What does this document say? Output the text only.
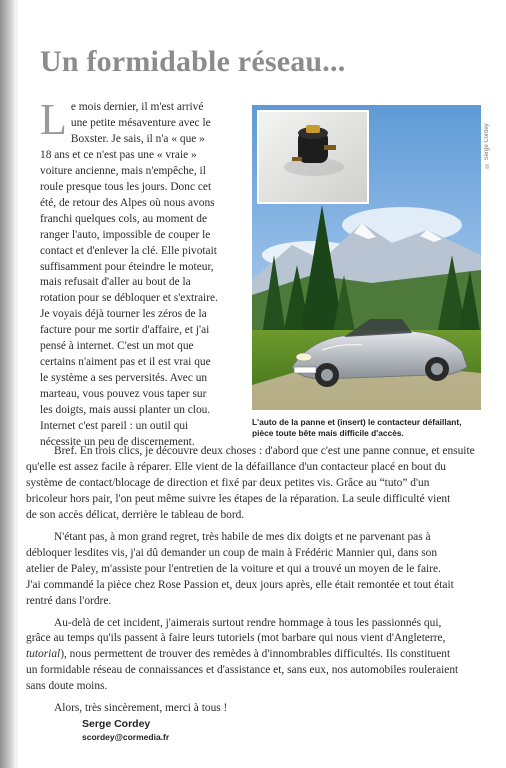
Un formidable réseau...
L e mois dernier, il m'est arrivé
une petite mésaventure avec le
Boxster. Je sais, il n'a « que »
18 ans et ce n'est pas une « vraie »
voiture ancienne, mais n'empêche, il
roule presque tous les jours. Donc cet
été, de retour des Alpes où nous avons
franchi quelques cols, au moment de
ranger l'auto, impossible de couper le
contact et d'enlever la clé. Elle pivotait
suffisamment pour éteindre le moteur,
mais refusait d'aller au bout de la
rotation pour se débloquer et s'extraire.
Je voyais déjà tourner les zéros de la
facture pour me sortir d'affaire, et j'ai
pensé à internet. C'est un mot que
certains n'aiment pas et il est vrai que
le système a ses perversités. Avec un
marteau, vous pouvez vous taper sur
les doigts, mais aussi planter un clou.
Internet c'est pareil : un outil qui
nécessite un peu de discernement.
© Serge Cordey
L'auto de la panne et (insert) le contacteur défaillant,
pièce toute bête mais difficile d'accès.

Bref. En trois clics, je découvre deux choses : d'abord que c'est une panne connue, et ensuite
qu'elle est assez facile à réparer. Elle vient de la défaillance d'un contacteur placé en bout du
système de contact/blocage de direction et fixé par deux petites vis. Grâce au “tuto” d'un
bricoleur hors pair, l'on peut même suivre les étapes de la réparation. La seule difficulté vient
de son accès délicat, derrière le tableau de bord.

N'étant pas, à mon grand regret, très habile de mes dix doigts et ne parvenant pas à
débloquer lesdites vis, j'ai dû demander un coup de main à Frédéric Mannier qui, dans son
atelier de Paley, m'assiste pour l'entretien de la voiture et qui a trouvé un moyen de le faire.
J'ai commandé la pièce chez Rose Passion et, deux jours après, elle était remontée et tout était
rentré dans l'ordre.

Au-delà de cet incident, j'aimerais surtout rendre hommage à tous les passionnés qui,
grâce au temps qu'ils passent à faire leurs tutoriels (mot barbare qui nous vient d'Angleterre,
tutorial), nous permettent de trouver des remèdes à d'innombrables difficultés. Ils constituent
un formidable réseau de connaissances et d'assistance et, sans eux, nos automobiles rouleraient
sans doute moins.

Alors, très sincèrement, merci à tous !

Serge Cordey
scordey@cormedia.fr
